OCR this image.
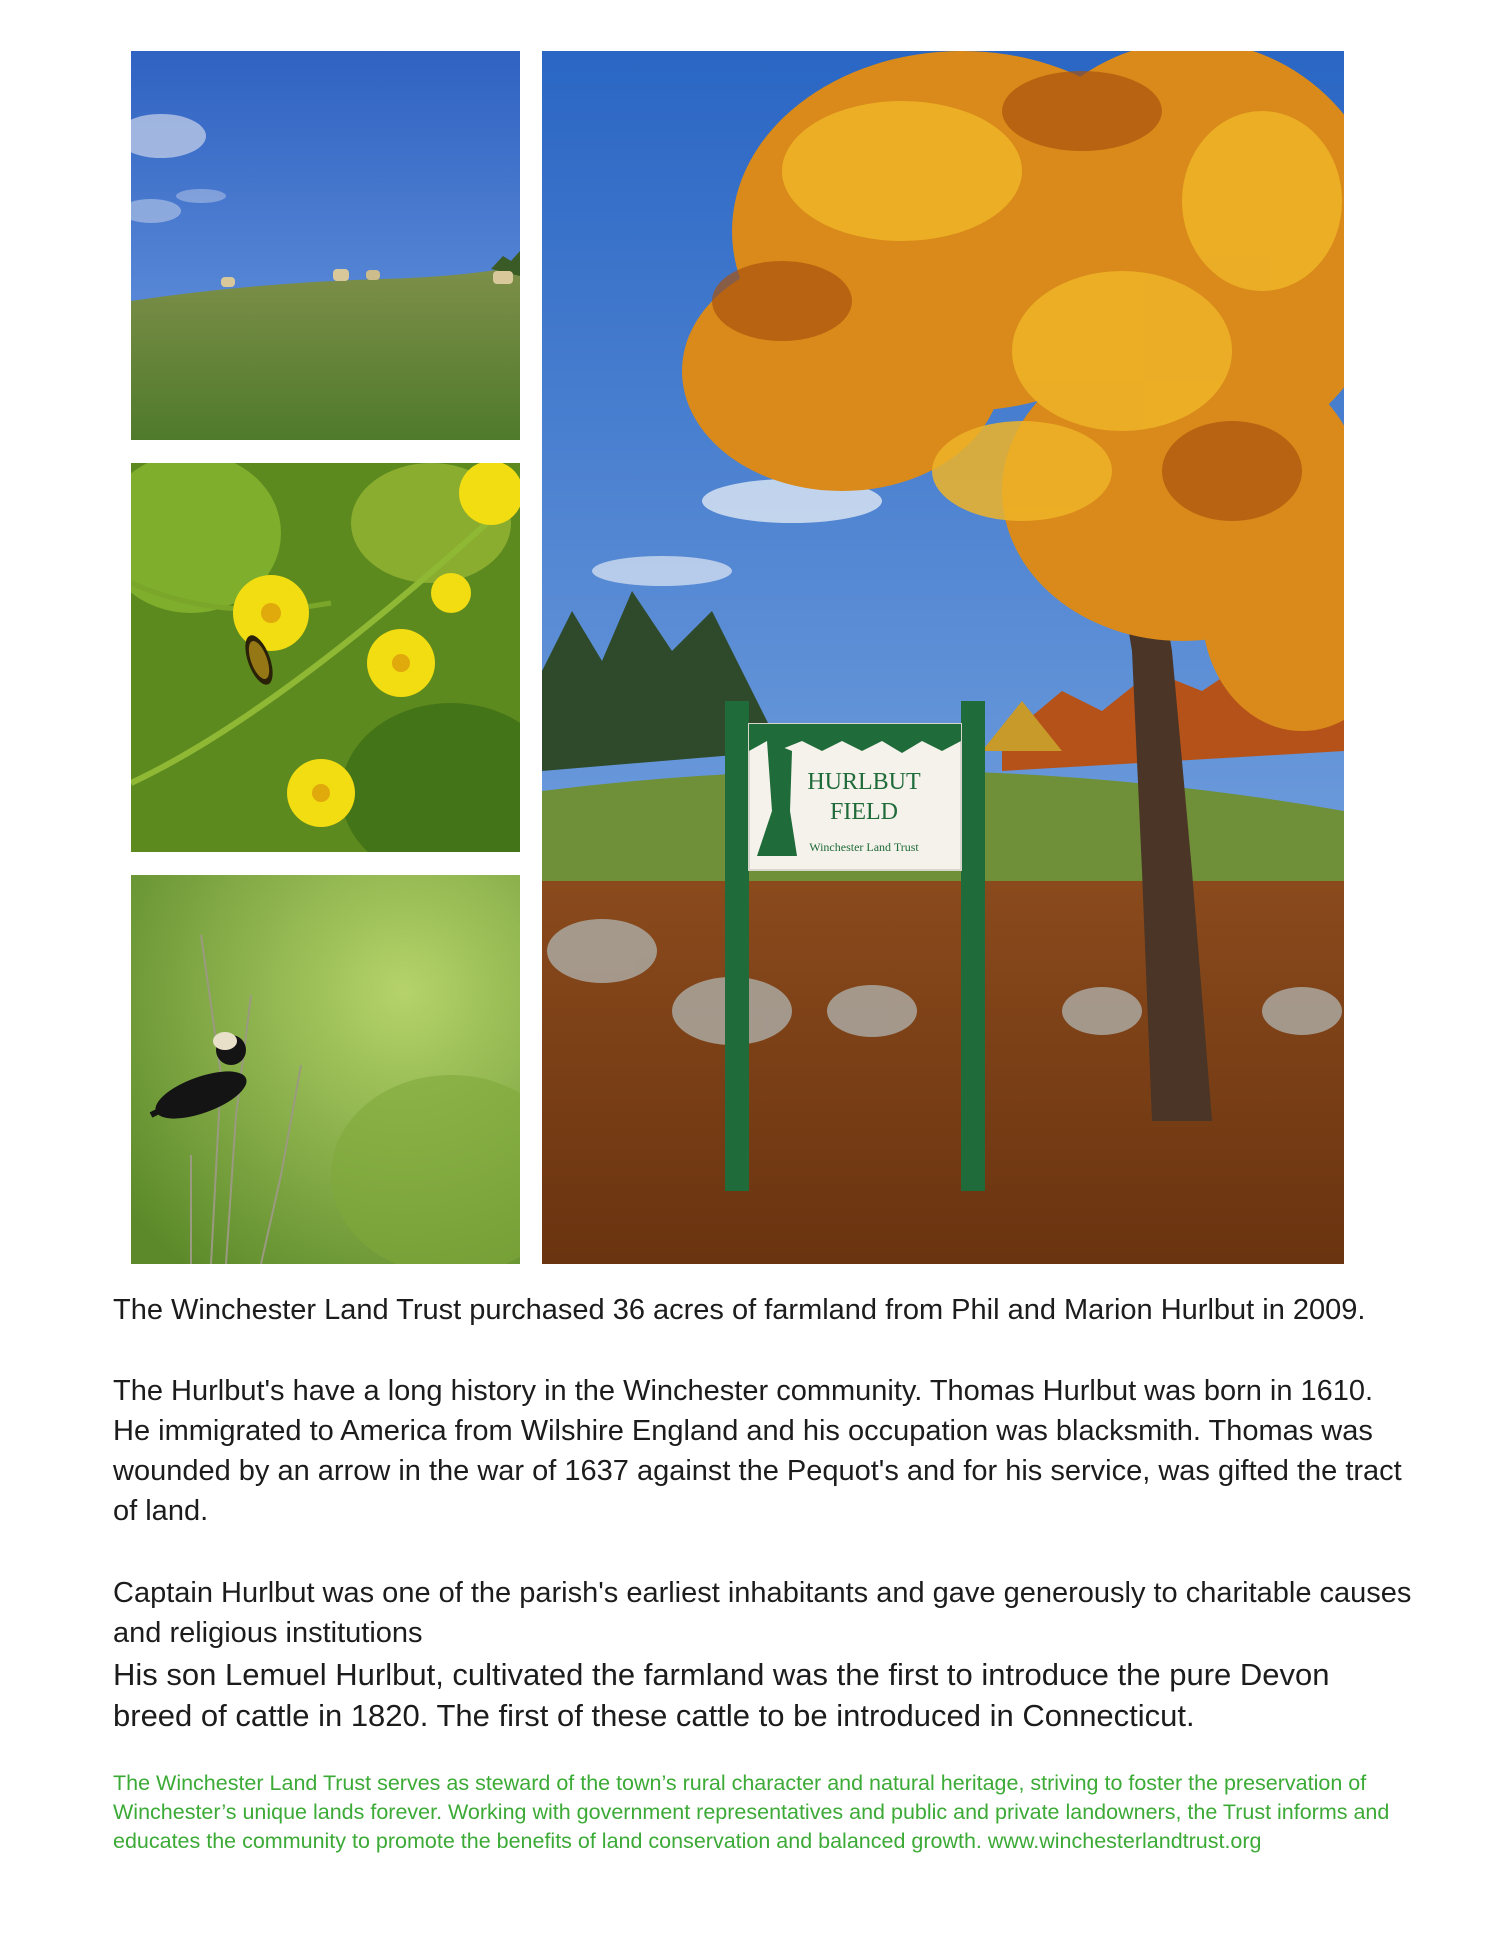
HURLBUT
FIELD
Winchester Land Trust
The Winchester Land Trust purchased 36 acres of farmland from Phil and Marion Hurlbut in 2009.
The Hurlbut's have a long history in the Winchester community. Thomas Hurlbut was born in 1610. He immigrated to America from Wilshire England and his occupation was blacksmith. Thomas was wounded by an arrow in the war of 1637 against the Pequot's and for his service, was gifted the tract of land.
Captain Hurlbut was one of the parish's earliest inhabitants and gave generously to charitable causes and religious institutions
His son Lemuel Hurlbut, cultivated the farmland was the first to introduce the pure Devon breed of cattle in 1820. The first of these cattle to be introduced in Connecticut.
The Winchester Land Trust serves as steward of the town’s rural character and natural heritage, striving to foster the preservation of Winchester’s unique lands forever. Working with government representatives and public and private landowners, the Trust informs and educates the community to promote the benefits of land conservation and balanced growth. www.winchesterlandtrust.org
